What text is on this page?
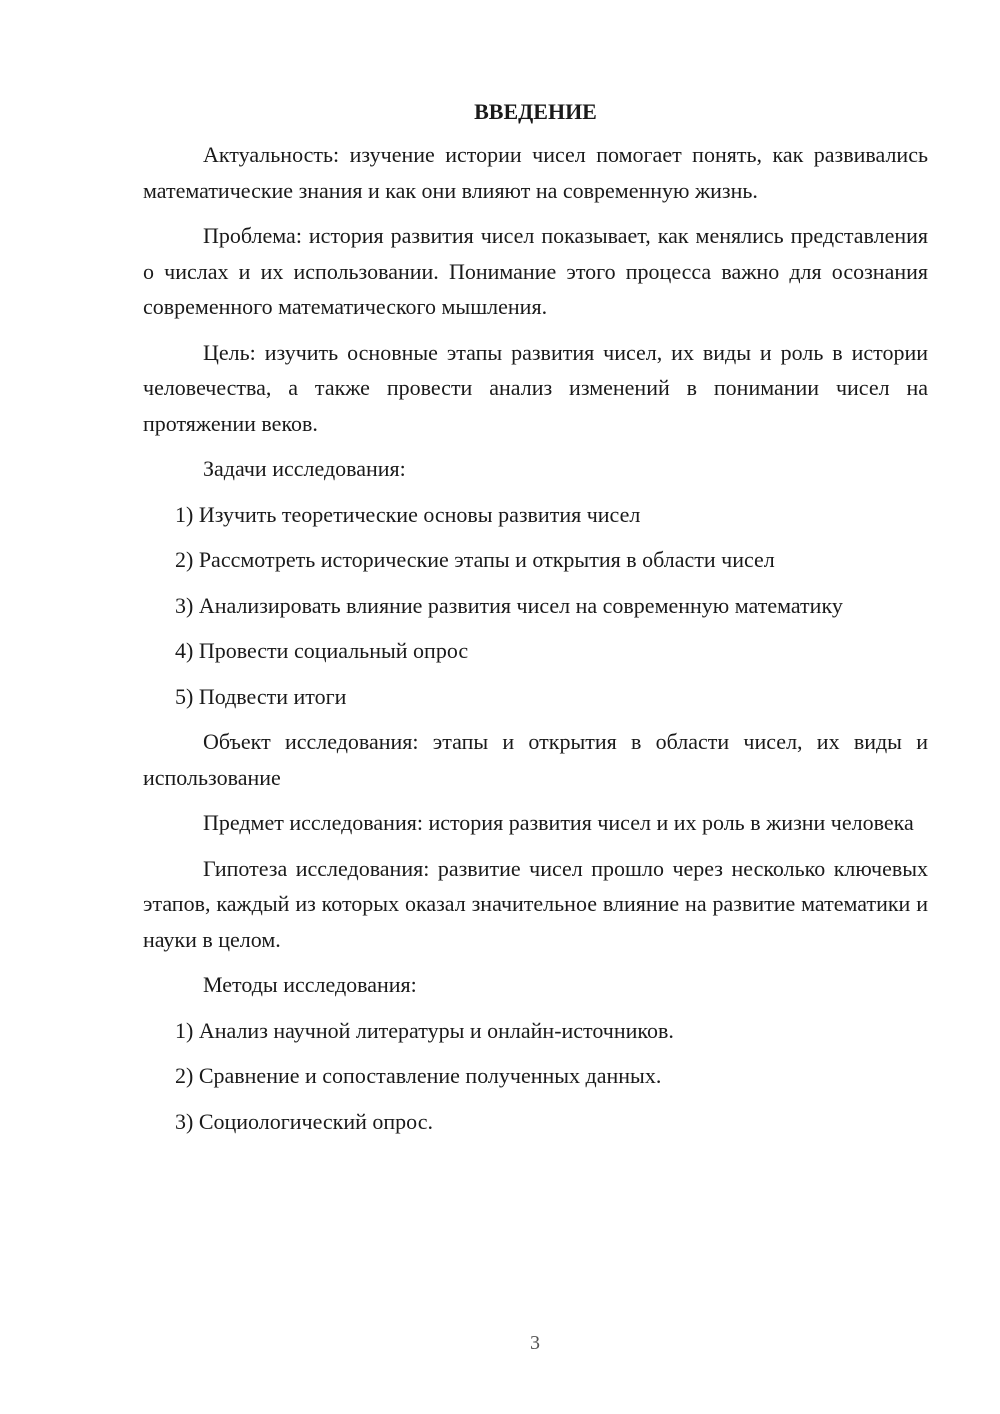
ВВЕДЕНИЕ

Актуальность: изучение истории чисел помогает понять, как развивались математические знания и как они влияют на современную жизнь.

Проблема: история развития чисел показывает, как менялись представления о числах и их использовании. Понимание этого процесса важно для осознания современного математического мышления.

Цель: изучить основные этапы развития чисел, их виды и роль в истории человечества, а также провести анализ изменений в понимании чисел на протяжении веков.

Задачи исследования:

1) Изучить теоретические основы развития чисел

2) Рассмотреть исторические этапы и открытия в области чисел

3) Анализировать влияние развития чисел на современную математику

4) Провести социальный опрос

5) Подвести итоги

Объект исследования: этапы и открытия в области чисел, их виды и использование

Предмет исследования: история развития чисел и их роль в жизни человека

Гипотеза исследования: развитие чисел прошло через несколько ключевых этапов, каждый из которых оказал значительное влияние на развитие математики и науки в целом.

Методы исследования:

1) Анализ научной литературы и онлайн-источников.

2) Сравнение и сопоставление полученных данных.

3) Социологический опрос.

3
